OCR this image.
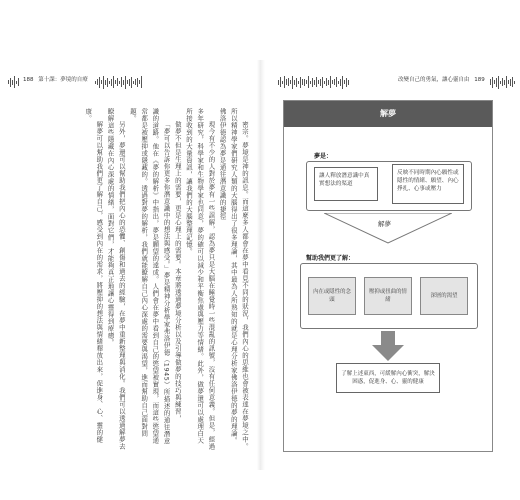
188 第十課：夢境的自療	改變自己的勇氣，讓心靈自由 189

密宗。夢境是神的訊息。而這麼多人都會在夢中看見不同的狀況，我們內心的思維也會被表達在夢境之中。所以精神學家們研究人類的大腦得出了很多理論，其中最為人所熟知的就是心理分析家佛洛伊德的夢的理論。佛洛伊德認為夢是通往潛意識的捷徑

現今有不少的人對於夢有一些誤解，認為夢只是大腦在睡覺時一些混亂的訊號，沒有任何意義。但是，經過多年研究，科學家和生物學家也同意，夢的確可以減少和平衡焦慮與壓力等情緒。此外，做夢還可以處理白天所接收到的大量資訊，讓我們的大腦整理記憶。

做夢不但是生理上的需要，更是心理上的需要。本章將透過夢境分析以及引導做夢的技巧與練習，

「夢可以告訴你更多你潛意識中的想法與感受。」夢是精神分析學家弗洛伊德（1945）所描述的通往潛意識的道路。他在《夢的解析》中指出，夢是願望的達成。人們會在夢中看到自己的慾望被實現，而這些慾望通常都是被壓抑或隱藏的。透過對夢的解析，我們就能瞭解自己內心深處的需要與渴望，進而幫助自己面對問題。

另外，夢還可以幫助我們把內心的恐懼、創傷和過去的經驗，在夢中重新整理與消化。我們可以透過解夢去瞭解這些隱藏在內心深處的情緒，面對它們，才能夠真正地讓心靈得到療癒。

解夢可以幫助我們更了解自己，感受到內在的需求，將壓抑的想法與情緒釋放出來，促進身、心、靈的健康。	解夢
夢是：
讓人釋放潛意識中真實想法的渠道
反映不同時期內心願性或隱性的情緒、願望、內心掙扎、心事或壓力
解夢
幫助我們更了解：
內在或隱性的念頭
壓抑或扭曲的情緒
深層的渴望
了解上述東西，可緩解內心衝突，解決困惑，促進身、心、靈的健康
